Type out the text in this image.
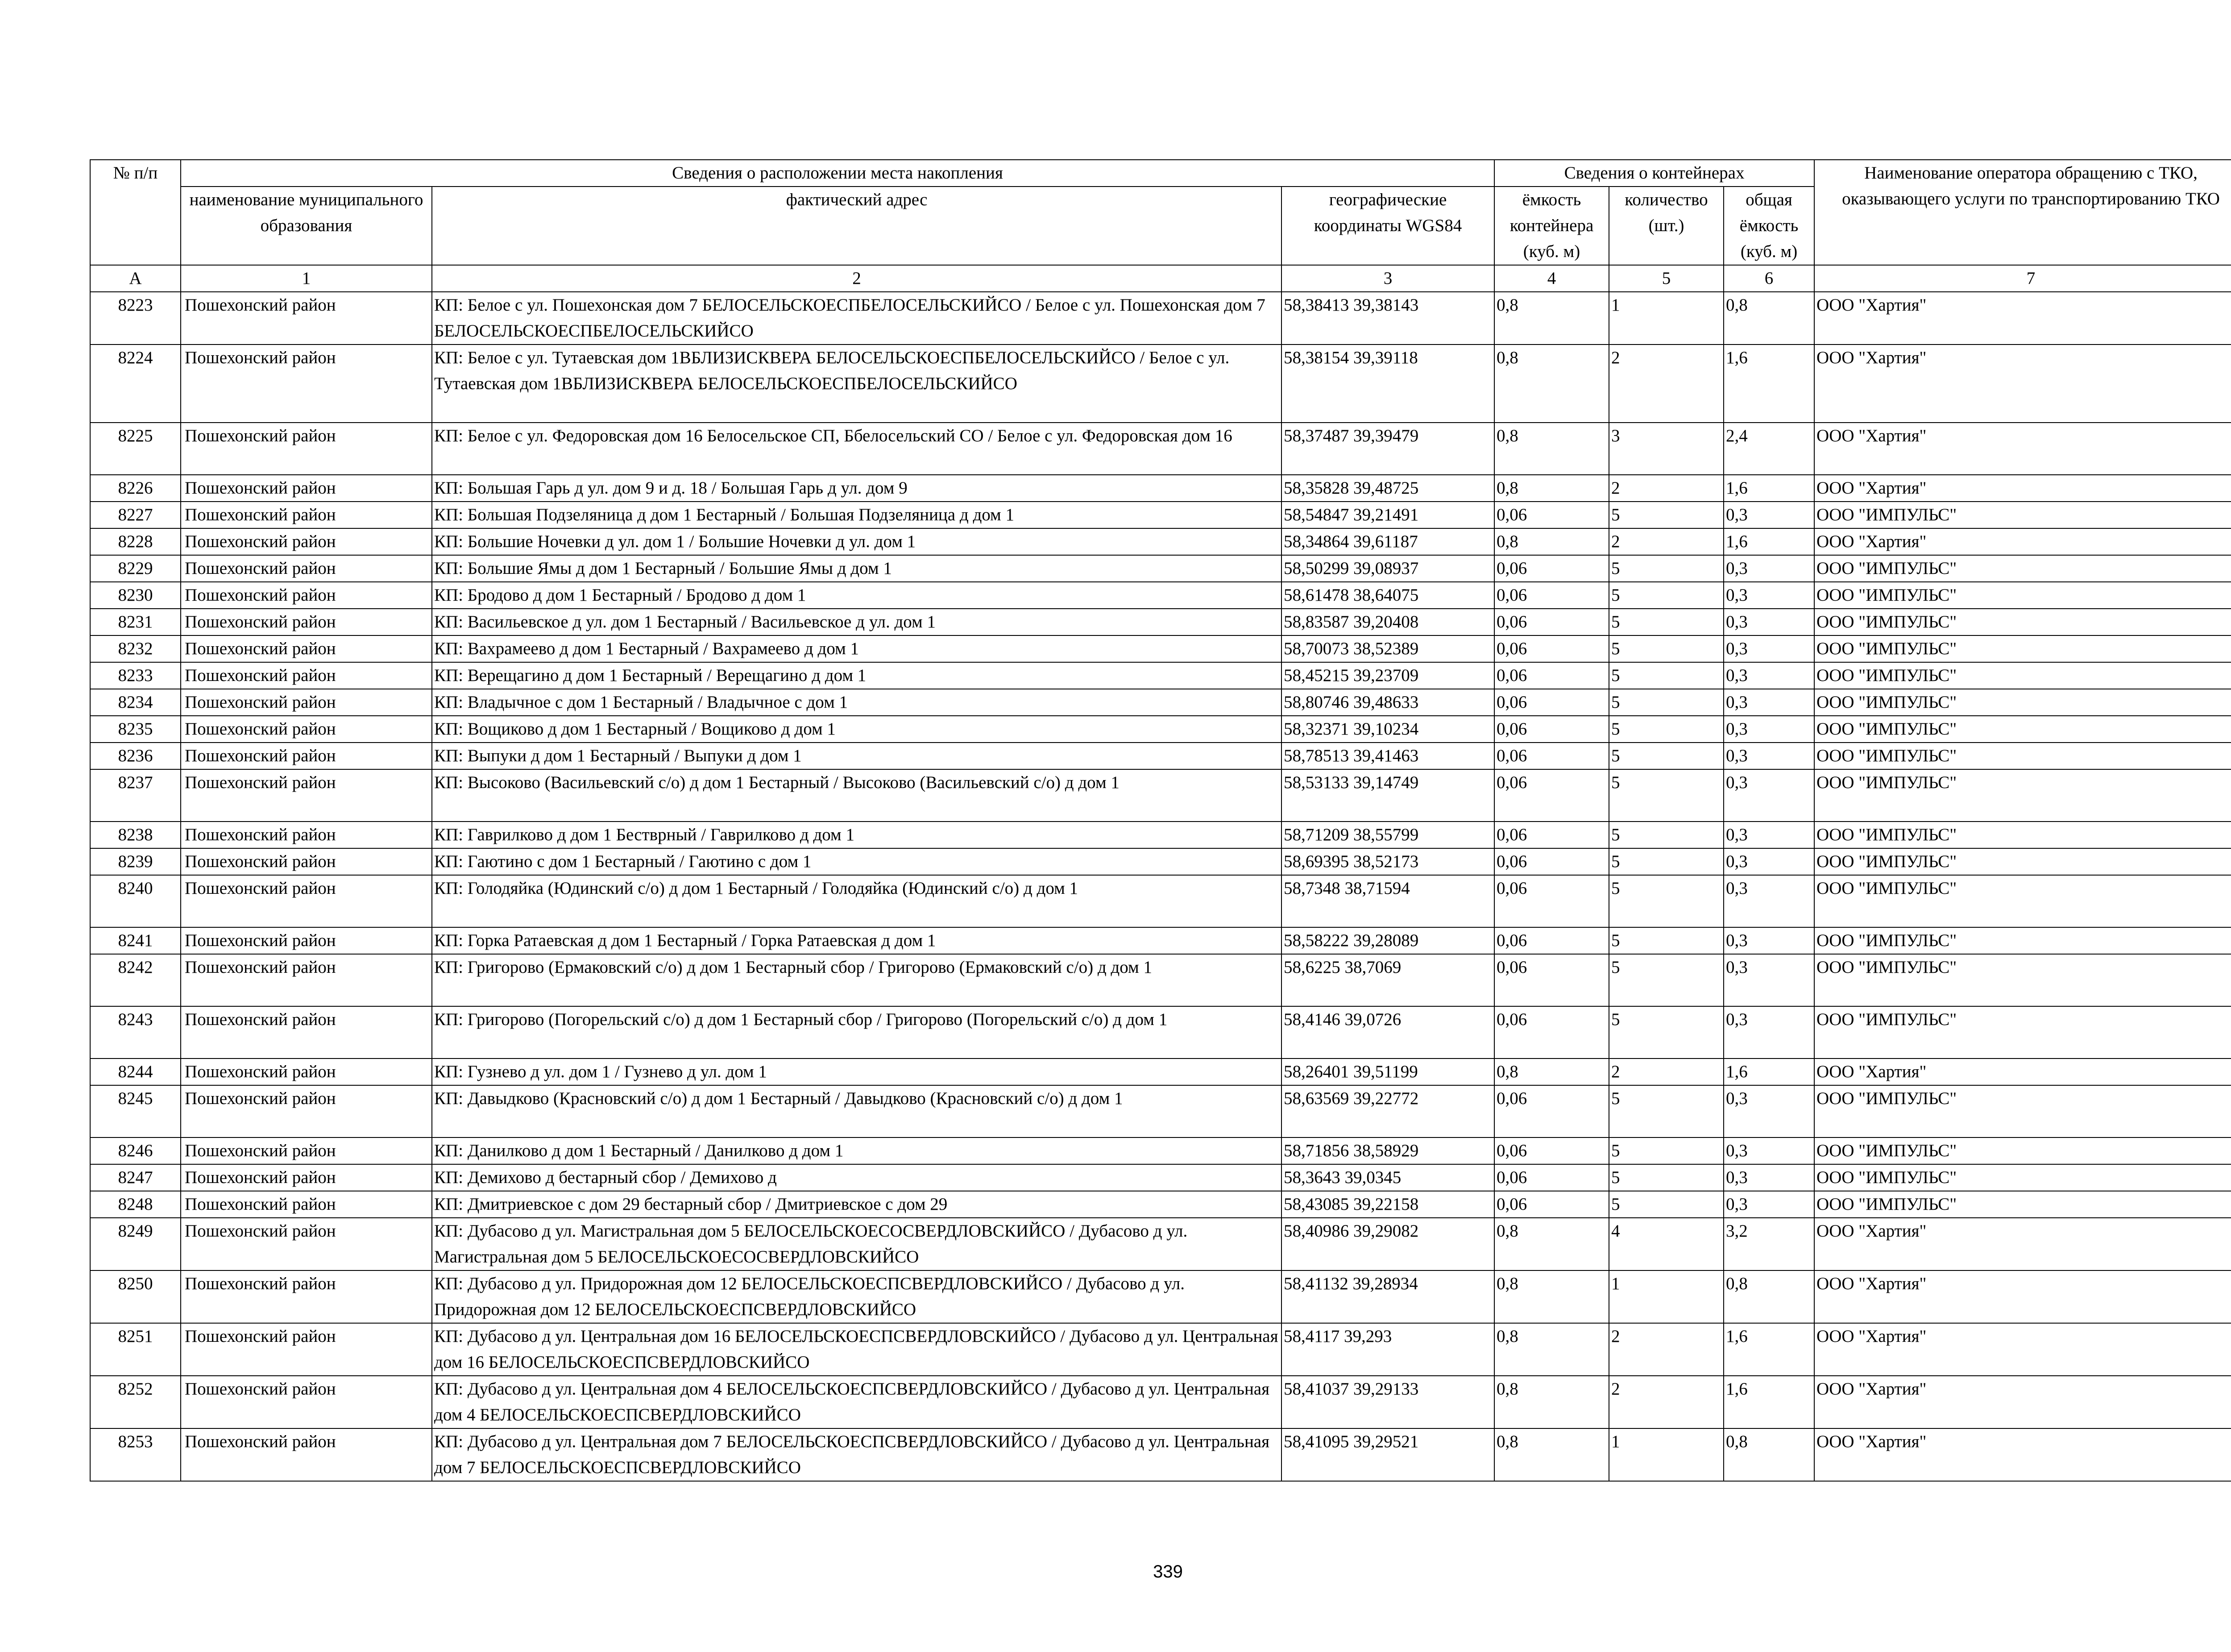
№ п/п	Сведения о расположении места накопления			Сведения о контейнерах			Наименование оператора обращению с ТКО, оказывающего услуги по транспортированию ТКО
	наименование муниципального образования	фактический адрес	географические координаты WGS84	ёмкость контейнера (куб. м)	количество (шт.)	общая ёмкость (куб. м)	
А	1	2	3	4	5	6	7
8223	Пошехонский район	КП: Белое с ул. Пошехонская дом 7 БЕЛОСЕЛЬСКОЕСПБЕЛОСЕЛЬСКИЙСО / Белое с ул. Пошехонская дом 7 БЕЛОСЕЛЬСКОЕСПБЕЛОСЕЛЬСКИЙСО	58,38413 39,38143	0,8	1	0,8	ООО "Хартия"
8224	Пошехонский район	КП: Белое с ул. Тутаевская дом 1ВБЛИЗИСКВЕРА БЕЛОСЕЛЬСКОЕСПБЕЛОСЕЛЬСКИЙСО / Белое с ул. Тутаевская дом 1ВБЛИЗИСКВЕРА БЕЛОСЕЛЬСКОЕСПБЕЛОСЕЛЬСКИЙСО	58,38154 39,39118	0,8	2	1,6	ООО "Хартия"
8225	Пошехонский район	КП: Белое с ул. Федоровская дом 16 Белосельское СП, Ббелосельский СО / Белое с ул. Федоровская дом 16	58,37487 39,39479	0,8	3	2,4	ООО "Хартия"
8226	Пошехонский район	КП: Большая Гарь д ул. дом 9 и д. 18 / Большая Гарь д ул. дом 9	58,35828 39,48725	0,8	2	1,6	ООО "Хартия"
8227	Пошехонский район	КП: Большая Подзеляница д дом 1 Бестарный / Большая Подзеляница д дом 1	58,54847 39,21491	0,06	5	0,3	ООО "ИМПУЛЬС"
8228	Пошехонский район	КП: Большие Ночевки д ул. дом 1 / Большие Ночевки д ул. дом 1	58,34864 39,61187	0,8	2	1,6	ООО "Хартия"
8229	Пошехонский район	КП: Большие Ямы д дом 1 Бестарный / Большие Ямы д дом 1	58,50299 39,08937	0,06	5	0,3	ООО "ИМПУЛЬС"
8230	Пошехонский район	КП: Бродово д дом 1 Бестарный / Бродово д дом 1	58,61478 38,64075	0,06	5	0,3	ООО "ИМПУЛЬС"
8231	Пошехонский район	КП: Васильевское д ул. дом 1 Бестарный / Васильевское д ул. дом 1	58,83587 39,20408	0,06	5	0,3	ООО "ИМПУЛЬС"
8232	Пошехонский район	КП: Вахрамеево д дом 1 Бестарный / Вахрамеево д дом 1	58,70073 38,52389	0,06	5	0,3	ООО "ИМПУЛЬС"
8233	Пошехонский район	КП: Верещагино д дом 1 Бестарный / Верещагино д дом 1	58,45215 39,23709	0,06	5	0,3	ООО "ИМПУЛЬС"
8234	Пошехонский район	КП: Владычное с дом 1 Бестарный / Владычное с дом 1	58,80746 39,48633	0,06	5	0,3	ООО "ИМПУЛЬС"
8235	Пошехонский район	КП: Вощиково д дом 1 Бестарный / Вощиково д дом 1	58,32371 39,10234	0,06	5	0,3	ООО "ИМПУЛЬС"
8236	Пошехонский район	КП: Выпуки д дом 1 Бестарный / Выпуки д дом 1	58,78513 39,41463	0,06	5	0,3	ООО "ИМПУЛЬС"
8237	Пошехонский район	КП: Высоково (Васильевский с/о) д дом 1 Бестарный / Высоково (Васильевский с/о) д дом 1	58,53133 39,14749	0,06	5	0,3	ООО "ИМПУЛЬС"
8238	Пошехонский район	КП: Гаврилково д дом 1 Бестврный / Гаврилково д дом 1	58,71209 38,55799	0,06	5	0,3	ООО "ИМПУЛЬС"
8239	Пошехонский район	КП: Гаютино с дом 1 Бестарный / Гаютино с дом 1	58,69395 38,52173	0,06	5	0,3	ООО "ИМПУЛЬС"
8240	Пошехонский район	КП: Голодяйка (Юдинский с/о) д дом 1 Бестарный / Голодяйка (Юдинский с/о) д дом 1	58,7348 38,71594	0,06	5	0,3	ООО "ИМПУЛЬС"
8241	Пошехонский район	КП: Горка Ратаевская д дом 1 Бестарный / Горка Ратаевская д дом 1	58,58222 39,28089	0,06	5	0,3	ООО "ИМПУЛЬС"
8242	Пошехонский район	КП: Григорово (Ермаковский с/о) д дом 1 Бестарный сбор / Григорово (Ермаковский с/о) д дом 1	58,6225 38,7069	0,06	5	0,3	ООО "ИМПУЛЬС"
8243	Пошехонский район	КП: Григорово (Погорельский с/о) д дом 1 Бестарный сбор / Григорово (Погорельский с/о) д дом 1	58,4146 39,0726	0,06	5	0,3	ООО "ИМПУЛЬС"
8244	Пошехонский район	КП: Гузнево д ул. дом 1 / Гузнево д ул. дом 1	58,26401 39,51199	0,8	2	1,6	ООО "Хартия"
8245	Пошехонский район	КП: Давыдково (Красновский с/о) д дом 1 Бестарный / Давыдково (Красновский с/о) д дом 1	58,63569 39,22772	0,06	5	0,3	ООО "ИМПУЛЬС"
8246	Пошехонский район	КП: Данилково д дом 1 Бестарный / Данилково д дом 1	58,71856 38,58929	0,06	5	0,3	ООО "ИМПУЛЬС"
8247	Пошехонский район	КП: Демихово д бестарный сбор / Демихово д	58,3643 39,0345	0,06	5	0,3	ООО "ИМПУЛЬС"
8248	Пошехонский район	КП: Дмитриевское с дом 29 бестарный сбор / Дмитриевское с дом 29	58,43085 39,22158	0,06	5	0,3	ООО "ИМПУЛЬС"
8249	Пошехонский район	КП: Дубасово д ул. Магистральная дом 5 БЕЛОСЕЛЬСКОЕСОСВЕРДЛОВСКИЙСО / Дубасово д ул. Магистральная дом 5 БЕЛОСЕЛЬСКОЕСОСВЕРДЛОВСКИЙСО	58,40986 39,29082	0,8	4	3,2	ООО "Хартия"
8250	Пошехонский район	КП: Дубасово д ул. Придорожная дом 12 БЕЛОСЕЛЬСКОЕСПСВЕРДЛОВСКИЙСО / Дубасово д ул. Придорожная дом 12 БЕЛОСЕЛЬСКОЕСПСВЕРДЛОВСКИЙСО	58,41132 39,28934	0,8	1	0,8	ООО "Хартия"
8251	Пошехонский район	КП: Дубасово д ул. Центральная дом 16 БЕЛОСЕЛЬСКОЕСПСВЕРДЛОВСКИЙСО / Дубасово д ул. Центральная дом 16 БЕЛОСЕЛЬСКОЕСПСВЕРДЛОВСКИЙСО	58,4117 39,293	0,8	2	1,6	ООО "Хартия"
8252	Пошехонский район	КП: Дубасово д ул. Центральная дом 4 БЕЛОСЕЛЬСКОЕСПСВЕРДЛОВСКИЙСО / Дубасово д ул. Центральная дом 4 БЕЛОСЕЛЬСКОЕСПСВЕРДЛОВСКИЙСО	58,41037 39,29133	0,8	2	1,6	ООО "Хартия"
8253	Пошехонский район	КП: Дубасово д ул. Центральная дом 7 БЕЛОСЕЛЬСКОЕСПСВЕРДЛОВСКИЙСО / Дубасово д ул. Центральная дом 7 БЕЛОСЕЛЬСКОЕСПСВЕРДЛОВСКИЙСО	58,41095 39,29521	0,8	1	0,8	ООО "Хартия"
339
